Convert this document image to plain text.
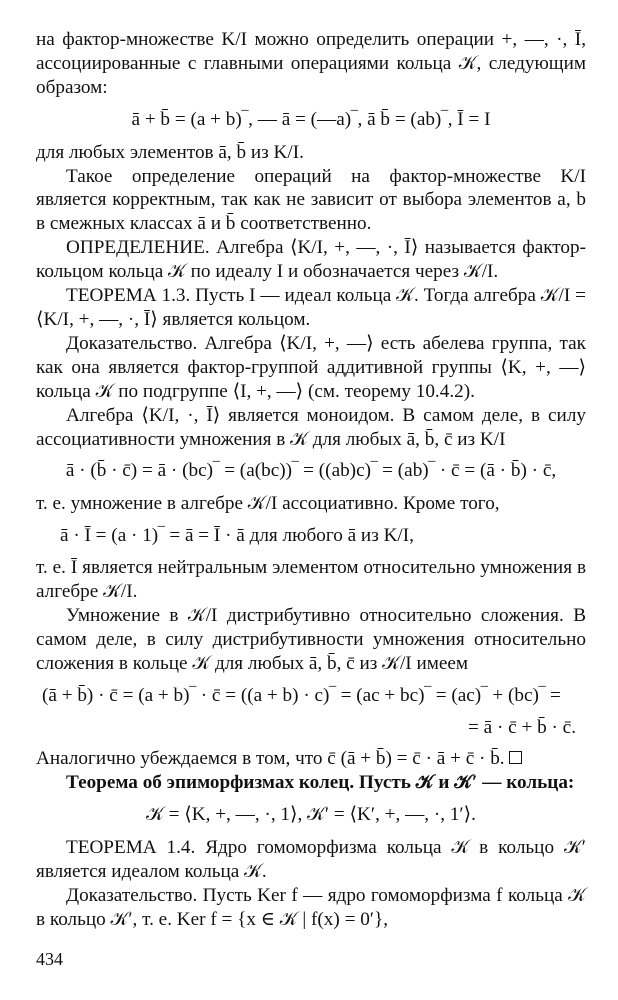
на фактор-множестве K/I можно определить операции +, —, ·, Ī, ассоциированные с главными операциями кольца 𝒦, следующим образом:

ā + b̄ = (a + b)‾, — ā = (—a)‾, ā b̄ = (ab)‾, Ī = I

для любых элементов ā, b̄ из K/I.

Такое определение операций на фактор-множестве K/I является корректным, так как не зависит от выбора элементов a, b в смежных классах ā и b̄ соответственно.

ОПРЕДЕЛЕНИЕ. Алгебра ⟨K/I, +, —, ·, Ī⟩ называется фактор-кольцом кольца 𝒦 по идеалу I и обозначается через 𝒦/I.

ТЕОРЕМА 1.3. Пусть I — идеал кольца 𝒦. Тогда алгебра 𝒦/I = ⟨K/I, +, —, ·, Ī⟩ является кольцом.

Доказательство. Алгебра ⟨K/I, +, —⟩ есть абелева группа, так как она является фактор-группой аддитивной группы ⟨K, +, —⟩ кольца 𝒦 по подгруппе ⟨I, +, —⟩ (см. теорему 10.4.2).

Алгебра ⟨K/I, ·, Ī⟩ является моноидом. В самом деле, в силу ассоциативности умножения в 𝒦 для любых ā, b̄, c̄ из K/I

ā · (b̄ · c̄) = ā · (bc)‾ = (a(bc))‾ = ((ab)c)‾ = (ab)‾ · c̄ = (ā · b̄) · c̄,

т. е. умножение в алгебре 𝒦/I ассоциативно. Кроме того,

ā · Ī = (a · 1)‾ = ā = Ī · ā для любого ā из K/I,

т. е. Ī является нейтральным элементом относительно умножения в алгебре 𝒦/I.

Умножение в 𝒦/I дистрибутивно относительно сложения. В самом деле, в силу дистрибутивности умножения относительно сложения в кольце 𝒦 для любых ā, b̄, c̄ из 𝒦/I имеем

(ā + b̄) · c̄ = (a + b)‾ · c̄ = ((a + b) · c)‾ = (ac + bc)‾ = (ac)‾ + (bc)‾ =

= ā · c̄ + b̄ · c̄.

Аналогично убеждаемся в том, что c̄ (ā + b̄) = c̄ · ā + c̄ · b̄.

Теорема об эпиморфизмах колец. Пусть 𝒦 и 𝒦′ — кольца:

𝒦 = ⟨K, +, —, ·, 1⟩, 𝒦′ = ⟨K′, +, —, ·, 1′⟩.

ТЕОРЕМА 1.4. Ядро гомоморфизма кольца 𝒦 в кольцо 𝒦′ является идеалом кольца 𝒦.

Доказательство. Пусть Ker f — ядро гомоморфизма f кольца 𝒦 в кольцо 𝒦′, т. е. Ker f = {x ∈ 𝒦 | f(x) = 0′},

434
